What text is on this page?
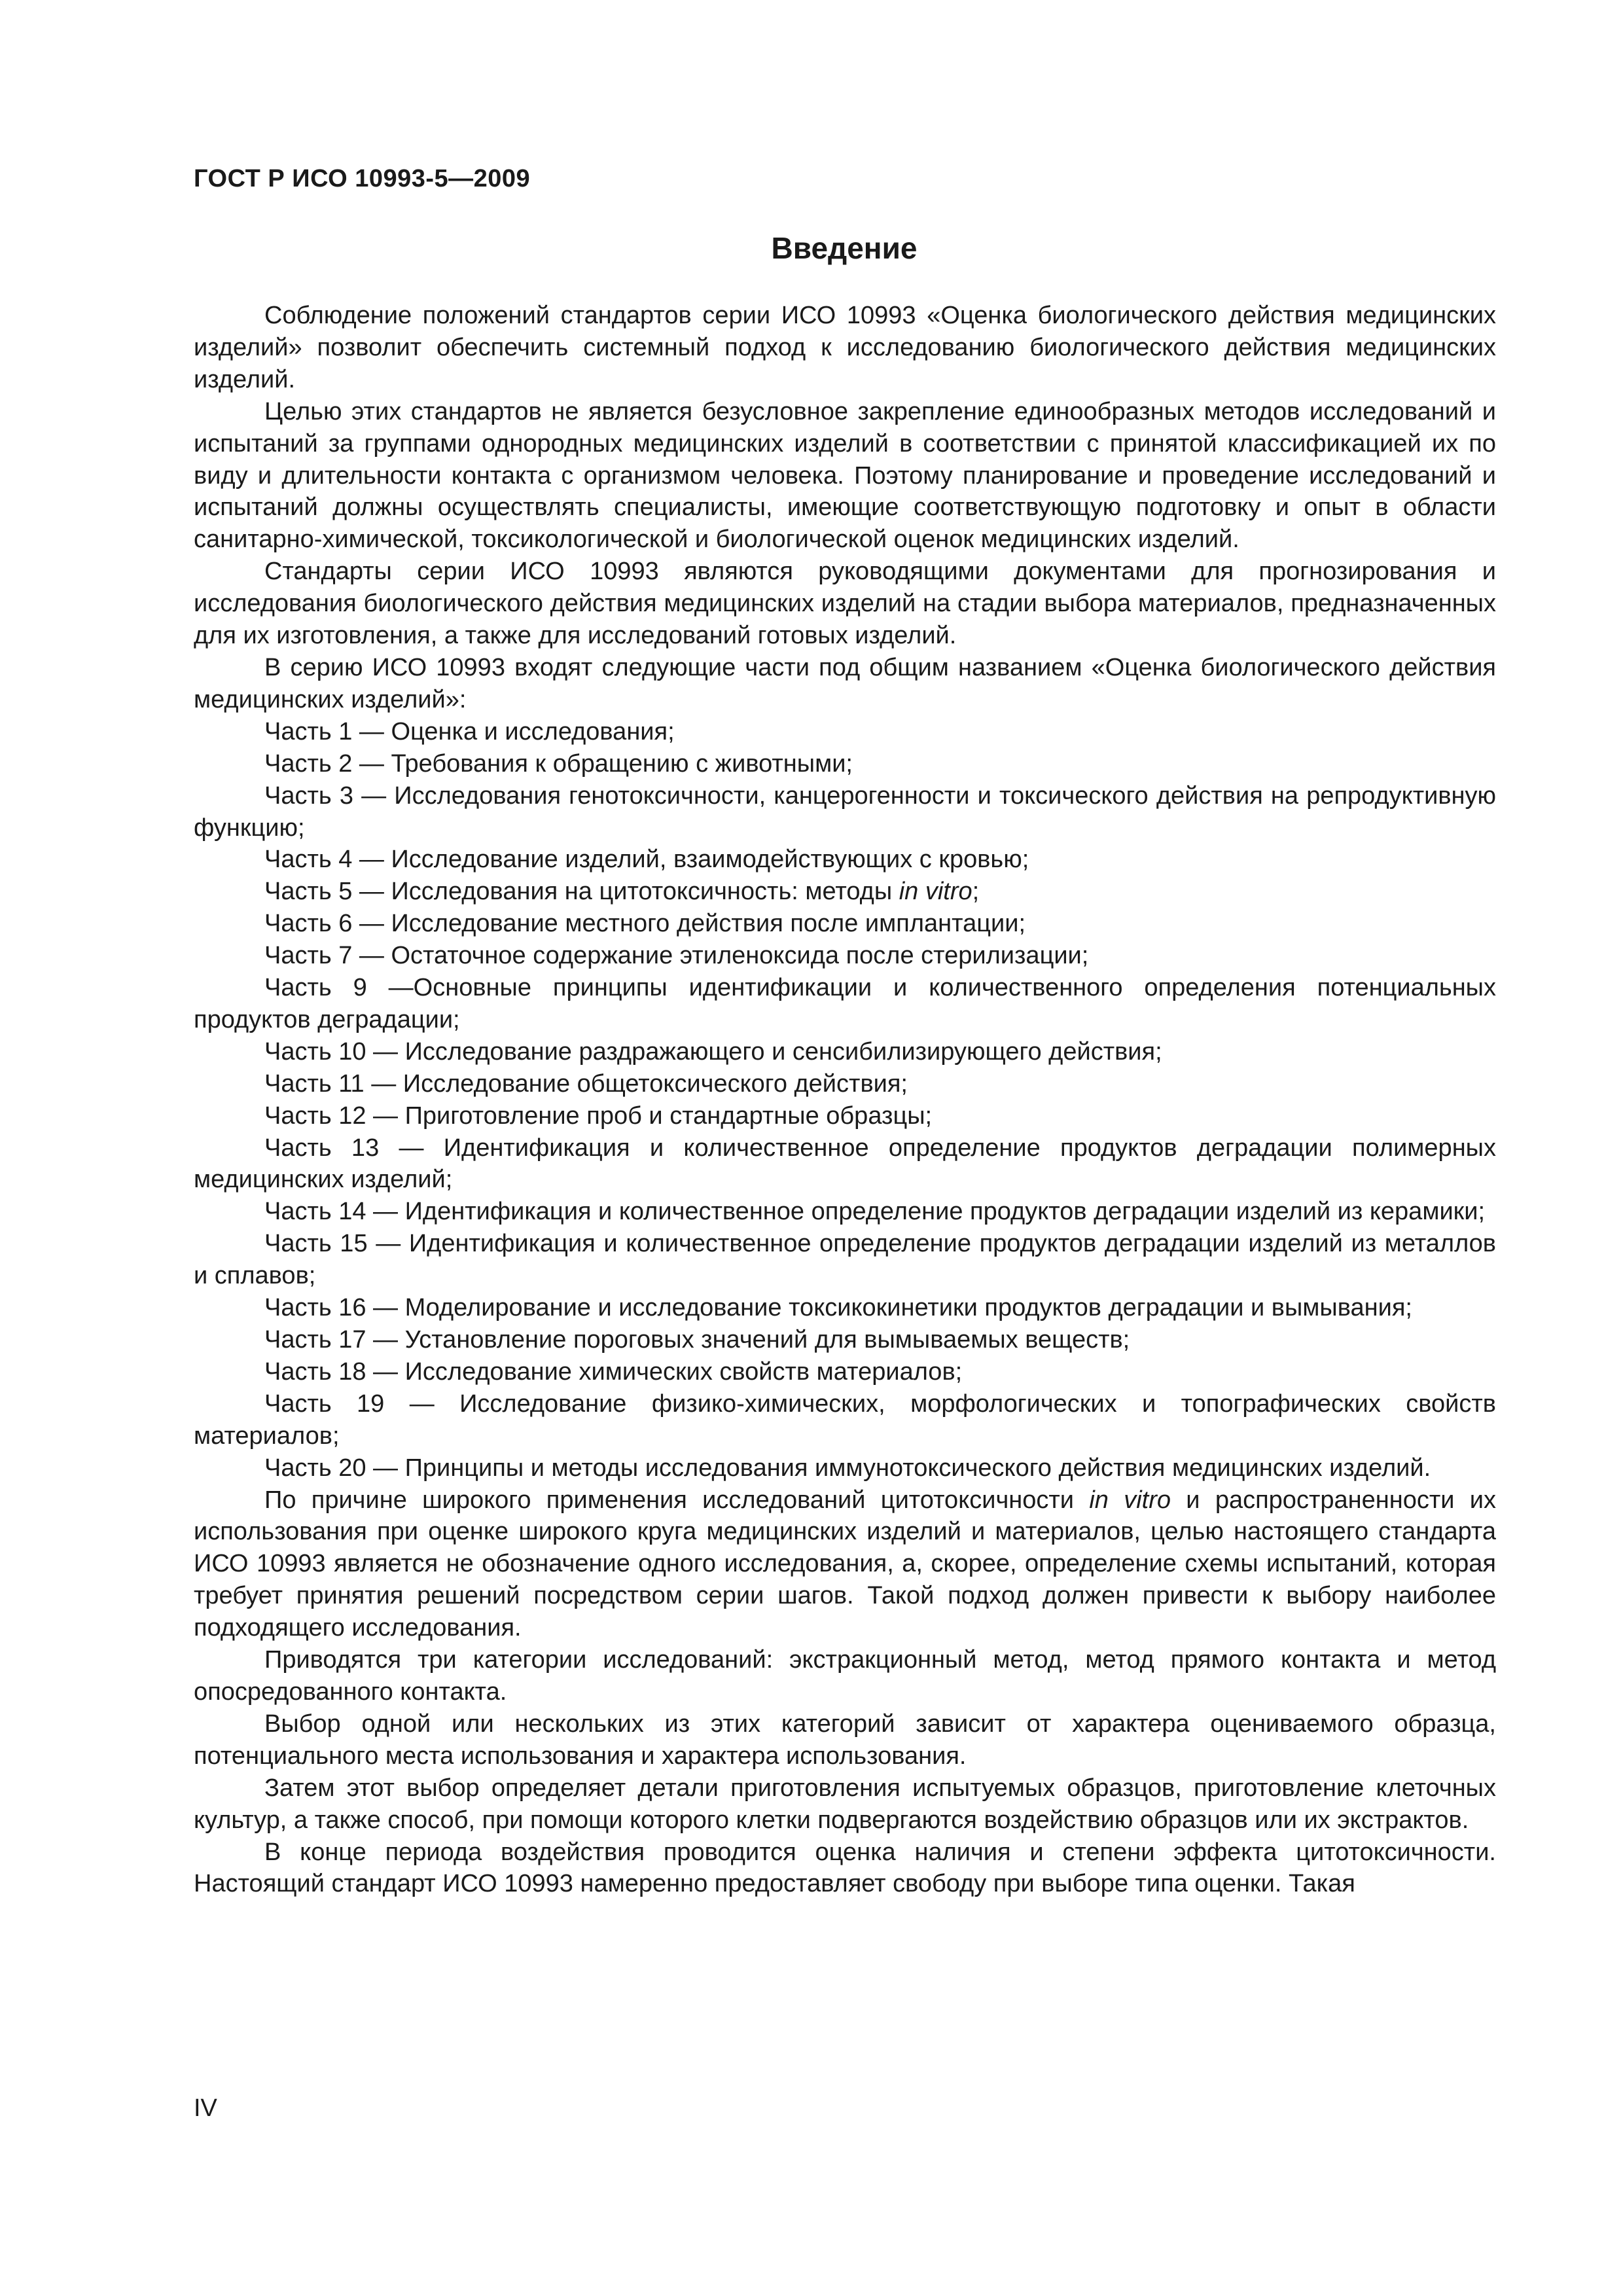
ГОСТ Р ИСО 10993-5—2009
Введение

Соблюдение положений стандартов серии ИСО 10993 «Оценка биологического действия медицинских изделий» позволит обеспечить системный подход к исследованию биологического действия медицинских изделий.

Целью этих стандартов не является безусловное закрепление единообразных методов исследований и испытаний за группами однородных медицинских изделий в соответствии с принятой классификацией их по виду и длительности контакта с организмом человека. Поэтому планирование и проведение исследований и испытаний должны осуществлять специалисты, имеющие соответствующую подготовку и опыт в области санитарно-химической, токсикологической и биологической оценок медицинских изделий.

Стандарты серии ИСО 10993 являются руководящими документами для прогнозирования и исследования биологического действия медицинских изделий на стадии выбора материалов, предназначенных для их изготовления, а также для исследований готовых изделий.

В серию ИСО 10993 входят следующие части под общим названием «Оценка биологического действия медицинских изделий»:

Часть 1 — Оценка и исследования;
Часть 2 — Требования к обращению с животными;
Часть 3 — Исследования генотоксичности, канцерогенности и токсического действия на репродуктивную функцию;
Часть 4 — Исследование изделий, взаимодействующих с кровью;
Часть 5 — Исследования на цитотоксичность: методы in vitro;
Часть 6 — Исследование местного действия после имплантации;
Часть 7 — Остаточное содержание этиленоксида после стерилизации;
Часть 9 —Основные принципы идентификации и количественного определения потенциальных продуктов деградации;
Часть 10 — Исследование раздражающего и сенсибилизирующего действия;
Часть 11 — Исследование общетоксического действия;
Часть 12 — Приготовление проб и стандартные образцы;
Часть 13 — Идентификация и количественное определение продуктов деградации полимерных медицинских изделий;
Часть 14 — Идентификация и количественное определение продуктов деградации изделий из керамики;
Часть 15 — Идентификация и количественное определение продуктов деградации изделий из металлов и сплавов;
Часть 16 — Моделирование и исследование токсикокинетики продуктов деградации и вымывания;
Часть 17 — Установление пороговых значений для вымываемых веществ;
Часть 18 — Исследование химических свойств материалов;
Часть 19 — Исследование физико-химических, морфологических и топографических свойств материалов;
Часть 20 — Принципы и методы исследования иммунотоксического действия медицинских изделий.

По причине широкого применения исследований цитотоксичности in vitro и распространенности их использования при оценке широкого круга медицинских изделий и материалов, целью настоящего стандарта ИСО 10993 является не обозначение одного исследования, а, скорее, определение схемы испытаний, которая требует принятия решений посредством серии шагов. Такой подход должен привести к выбору наиболее подходящего исследования.

Приводятся три категории исследований: экстракционный метод, метод прямого контакта и метод опосредованного контакта.

Выбор одной или нескольких из этих категорий зависит от характера оцениваемого образца, потенциального места использования и характера использования.

Затем этот выбор определяет детали приготовления испытуемых образцов, приготовление клеточных культур, а также способ, при помощи которого клетки подвергаются воздействию образцов или их экстрактов.

В конце периода воздействия проводится оценка наличия и степени эффекта цитотоксичности. Настоящий стандарт ИСО 10993 намеренно предоставляет свободу при выборе типа оценки. Такая

IV
